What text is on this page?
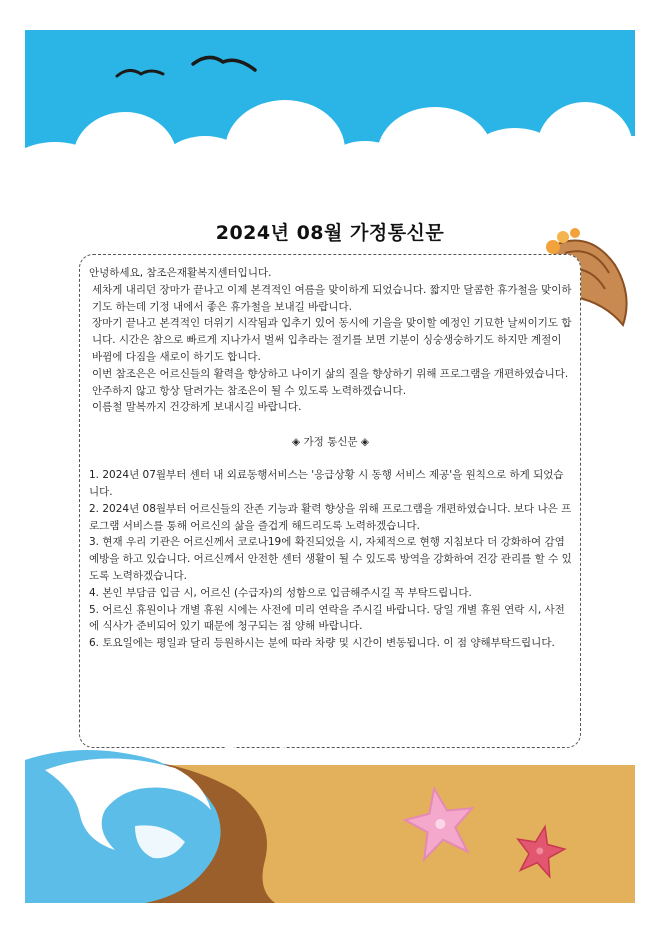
2024년 08월 가정통신문

안녕하세요, 참조은재활복지센터입니다.

세차게 내리던 장마가 끝나고 이제 본격적인 여름을 맞이하게 되었습니다. 짧지만 달콤한 휴가철을 맞이하기도 하는데 기정 내에서 좋은 휴가철을 보내길 바랍니다.

장마기 끝나고 본격적인 더위기 시작됨과 입추기 있어 동시에 기을을 맞이할 예정인 기묘한 날씨이기도 합니다. 시간은 참으로 빠르게 지나가서 벌써 입추라는 절기를 보면 기분이 싱숭생숭하기도 하지만 계절이 바뀜에 다짐을 새로이 하기도 합니다.

이번 참조은은 어르신들의 활력을 향상하고 나이기 삶의 질을 향상하기 위해 프로그램을 개편하였습니다. 안주하지 않고 항상 달려가는 참조은이 될 수 있도록 노력하겠습니다.

이름철 말복까지 건강하게 보내시길 바랍니다.

◈ 가정 통신문 ◈

1. 2024년 07월부터 센터 내 외료동행서비스는 '응급상황 시 동행 서비스 제공'을 원칙으로 하게 되었습니다.

2. 2024년 08월부터 어르신들의 잔존 기능과 활력 향상을 위해 프로그램을 개편하였습니다. 보다 나은 프로그램 서비스를 통해 어르신의 삶을 즐겁게 해드리도록 노력하겠습니다.

3. 현재 우리 기관은 어르신께서 코로나19에 확진되었을 시, 자체적으로 현행 지침보다 더 강화하여 감염 예방을 하고 있습니다. 어르신께서 안전한 센터 생활이 될 수 있도록 방역을 강화하여 건강 관리를 할 수 있도록 노력하겠습니다.

4. 본인 부담금 입금 시, 어르신 (수급자)의 성함으로 입금해주시길 꼭 부탁드립니다.

5. 어르신 휴원이나 개별 휴원 시에는 사전에 미리 연락을 주시길 바랍니다. 당일 개별 휴원 연락 시, 사전에 식사가 준비되어 있기 때문에 청구되는 점 양해 바랍니다.

6. 토요일에는 평일과 달리 등원하시는 분에 따라 차량 및 시간이 변동됩니다. 이 점 양해부탁드립니다.
